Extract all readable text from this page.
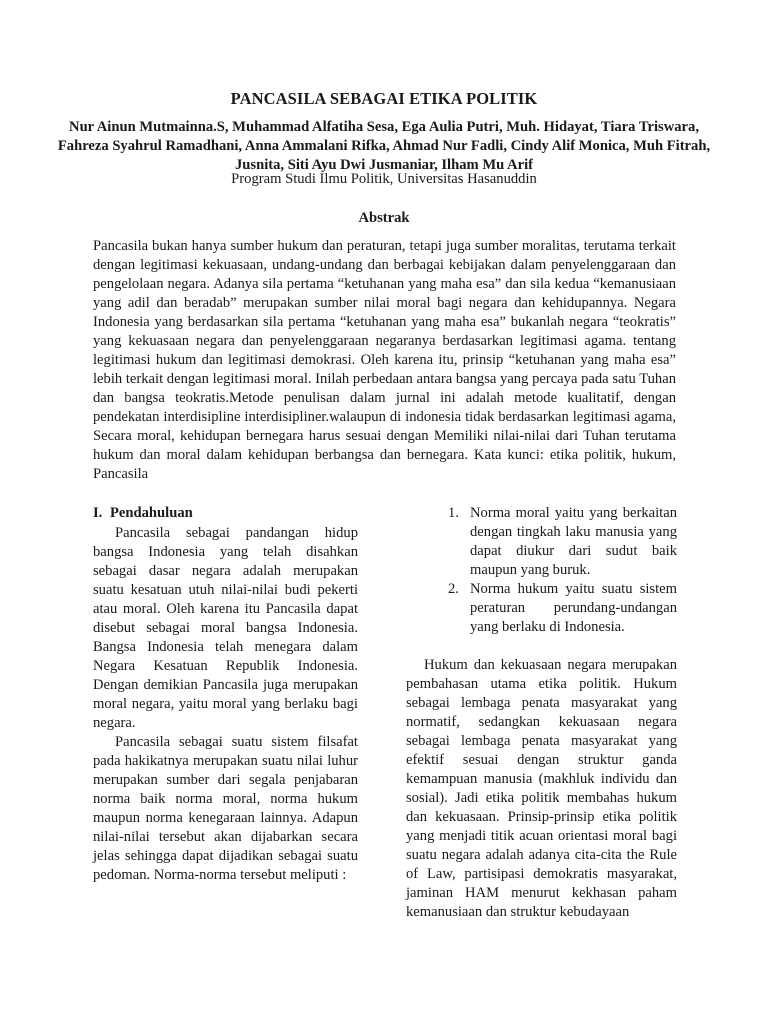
PANCASILA SEBAGAI ETIKA POLITIK
Nur Ainun Mutmainna.S, Muhammad Alfatiha Sesa, Ega Aulia Putri, Muh. Hidayat, Tiara Triswara, Fahreza Syahrul Ramadhani, Anna Ammalani Rifka, Ahmad Nur Fadli, Cindy Alif Monica, Muh Fitrah, Jusnita, Siti Ayu Dwi Jusmaniar, Ilham Mu Arif
Program Studi Ilmu Politik, Universitas Hasanuddin
Abstrak
Pancasila bukan hanya sumber hukum dan peraturan, tetapi juga sumber moralitas, terutama terkait dengan legitimasi kekuasaan, undang-undang dan berbagai kebijakan dalam penyelenggaraan dan pengelolaan negara. Adanya sila pertama “ketuhanan yang maha esa” dan sila kedua “kemanusiaan yang adil dan beradab” merupakan sumber nilai moral bagi negara dan kehidupannya. Negara Indonesia yang berdasarkan sila pertama “ketuhanan yang maha esa” bukanlah negara “teokratis” yang kekuasaan negara dan penyelenggaraan negaranya berdasarkan legitimasi agama. tentang legitimasi hukum dan legitimasi demokrasi. Oleh karena itu, prinsip “ketuhanan yang maha esa” lebih terkait dengan legitimasi moral. Inilah perbedaan antara bangsa yang percaya pada satu Tuhan dan bangsa teokratis.Metode penulisan dalam jurnal ini adalah metode kualitatif, dengan pendekatan interdisipline interdisipliner.walaupun di indonesia tidak berdasarkan legitimasi agama, Secara moral, kehidupan bernegara harus sesuai dengan Memiliki nilai-nilai dari Tuhan terutama hukum dan moral dalam kehidupan berbangsa dan bernegara. Kata kunci: etika politik, hukum, Pancasila
I. Pendahuluan

Pancasila sebagai pandangan hidup bangsa Indonesia yang telah disahkan sebagai dasar negara adalah merupakan suatu kesatuan utuh nilai-nilai budi pekerti atau moral. Oleh karena itu Pancasila dapat disebut sebagai moral bangsa Indonesia. Bangsa Indonesia telah menegara dalam Negara Kesatuan Republik Indonesia. Dengan demikian Pancasila juga merupakan moral negara, yaitu moral yang berlaku bagi negara.

Pancasila sebagai suatu sistem filsafat pada hakikatnya merupakan suatu nilai luhur merupakan sumber dari segala penjabaran norma baik norma moral, norma hukum maupun norma kenegaraan lainnya. Adapun nilai-nilai tersebut akan dijabarkan secara jelas sehingga dapat dijadikan sebagai suatu pedoman. Norma-norma tersebut meliputi :

1. Norma moral yaitu yang berkaitan dengan tingkah laku manusia yang dapat diukur dari sudut baik maupun yang buruk.
2. Norma hukum yaitu suatu sistem peraturan perundang-undangan yang berlaku di Indonesia.

Hukum dan kekuasaan negara merupakan pembahasan utama etika politik. Hukum sebagai lembaga penata masyarakat yang normatif, sedangkan kekuasaan negara sebagai lembaga penata masyarakat yang efektif sesuai dengan struktur ganda kemampuan manusia (makhluk individu dan sosial). Jadi etika politik membahas hukum dan kekuasaan. Prinsip-prinsip etika politik yang menjadi titik acuan orientasi moral bagi suatu negara adalah adanya cita-cita the Rule of Law, partisipasi demokratis masyarakat, jaminan HAM menurut kekhasan paham kemanusiaan dan struktur kebudayaan
